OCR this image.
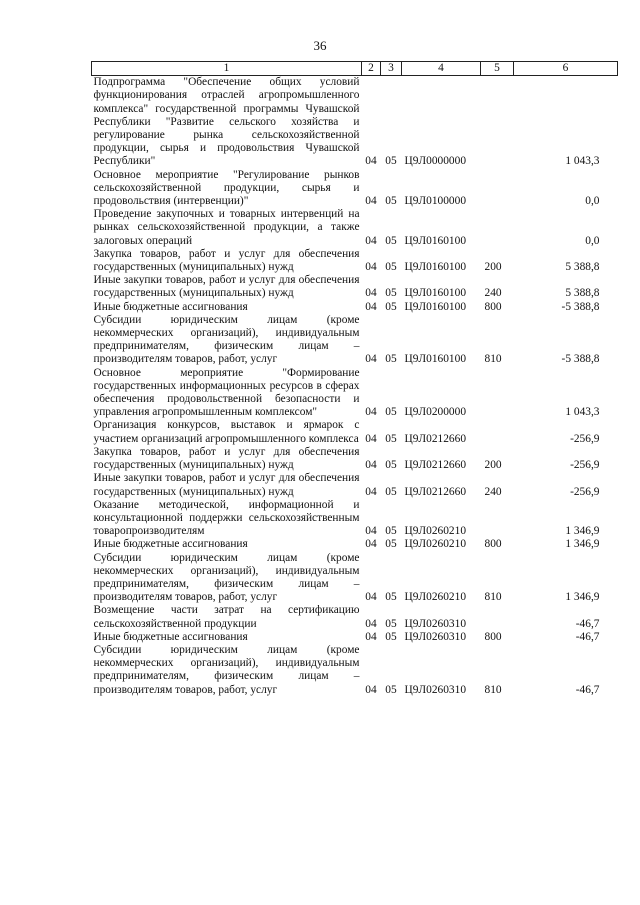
36
1	2	3	4	5	6
Подпрограмма "Обеспечение общих условий функционирования отраслей агропромышленного комплекса" государственной программы Чувашской Республики "Развитие сельского хозяйства и регулирование рынка сельскохозяйственной продукции, сырья и продовольствия Чувашской Республики"	04	05	Ц9Л0000000		1 043,3
Основное мероприятие "Регулирование рынков сельскохозяйственной продукции, сырья и продовольствия (интервенции)"	04	05	Ц9Л0100000		0,0
Проведение закупочных и товарных интервенций на рынках сельскохозяйственной продукции, а также залоговых операций	04	05	Ц9Л0160100		0,0
Закупка товаров, работ и услуг для обеспечения государственных (муниципальных) нужд	04	05	Ц9Л0160100	200	5 388,8
Иные закупки товаров, работ и услуг для обеспечения государственных (муниципальных) нужд	04	05	Ц9Л0160100	240	5 388,8
Иные бюджетные ассигнования	04	05	Ц9Л0160100	800	-5 388,8
Субсидии юридическим лицам (кроме некоммерческих организаций), индивидуальным предпринимателям, физическим лицам – производителям товаров, работ, услуг	04	05	Ц9Л0160100	810	-5 388,8
Основное мероприятие "Формирование государственных информационных ресурсов в сферах обеспечения продовольственной безопасности и управления агропромышленным комплексом"	04	05	Ц9Л0200000		1 043,3
Организация конкурсов, выставок и ярмарок с участием организаций агропромышленного комплекса	04	05	Ц9Л0212660		-256,9
Закупка товаров, работ и услуг для обеспечения государственных (муниципальных) нужд	04	05	Ц9Л0212660	200	-256,9
Иные закупки товаров, работ и услуг для обеспечения государственных (муниципальных) нужд	04	05	Ц9Л0212660	240	-256,9
Оказание методической, информационной и консультационной поддержки сельскохозяйственным товаропроизводителям	04	05	Ц9Л0260210		1 346,9
Иные бюджетные ассигнования	04	05	Ц9Л0260210	800	1 346,9
Субсидии юридическим лицам (кроме некоммерческих организаций), индивидуальным предпринимателям, физическим лицам – производителям товаров, работ, услуг	04	05	Ц9Л0260210	810	1 346,9
Возмещение части затрат на сертификацию сельскохозяйственной продукции	04	05	Ц9Л0260310		-46,7
Иные бюджетные ассигнования	04	05	Ц9Л0260310	800	-46,7
Субсидии юридическим лицам (кроме некоммерческих организаций), индивидуальным предпринимателям, физическим лицам – производителям товаров, работ, услуг	04	05	Ц9Л0260310	810	-46,7
